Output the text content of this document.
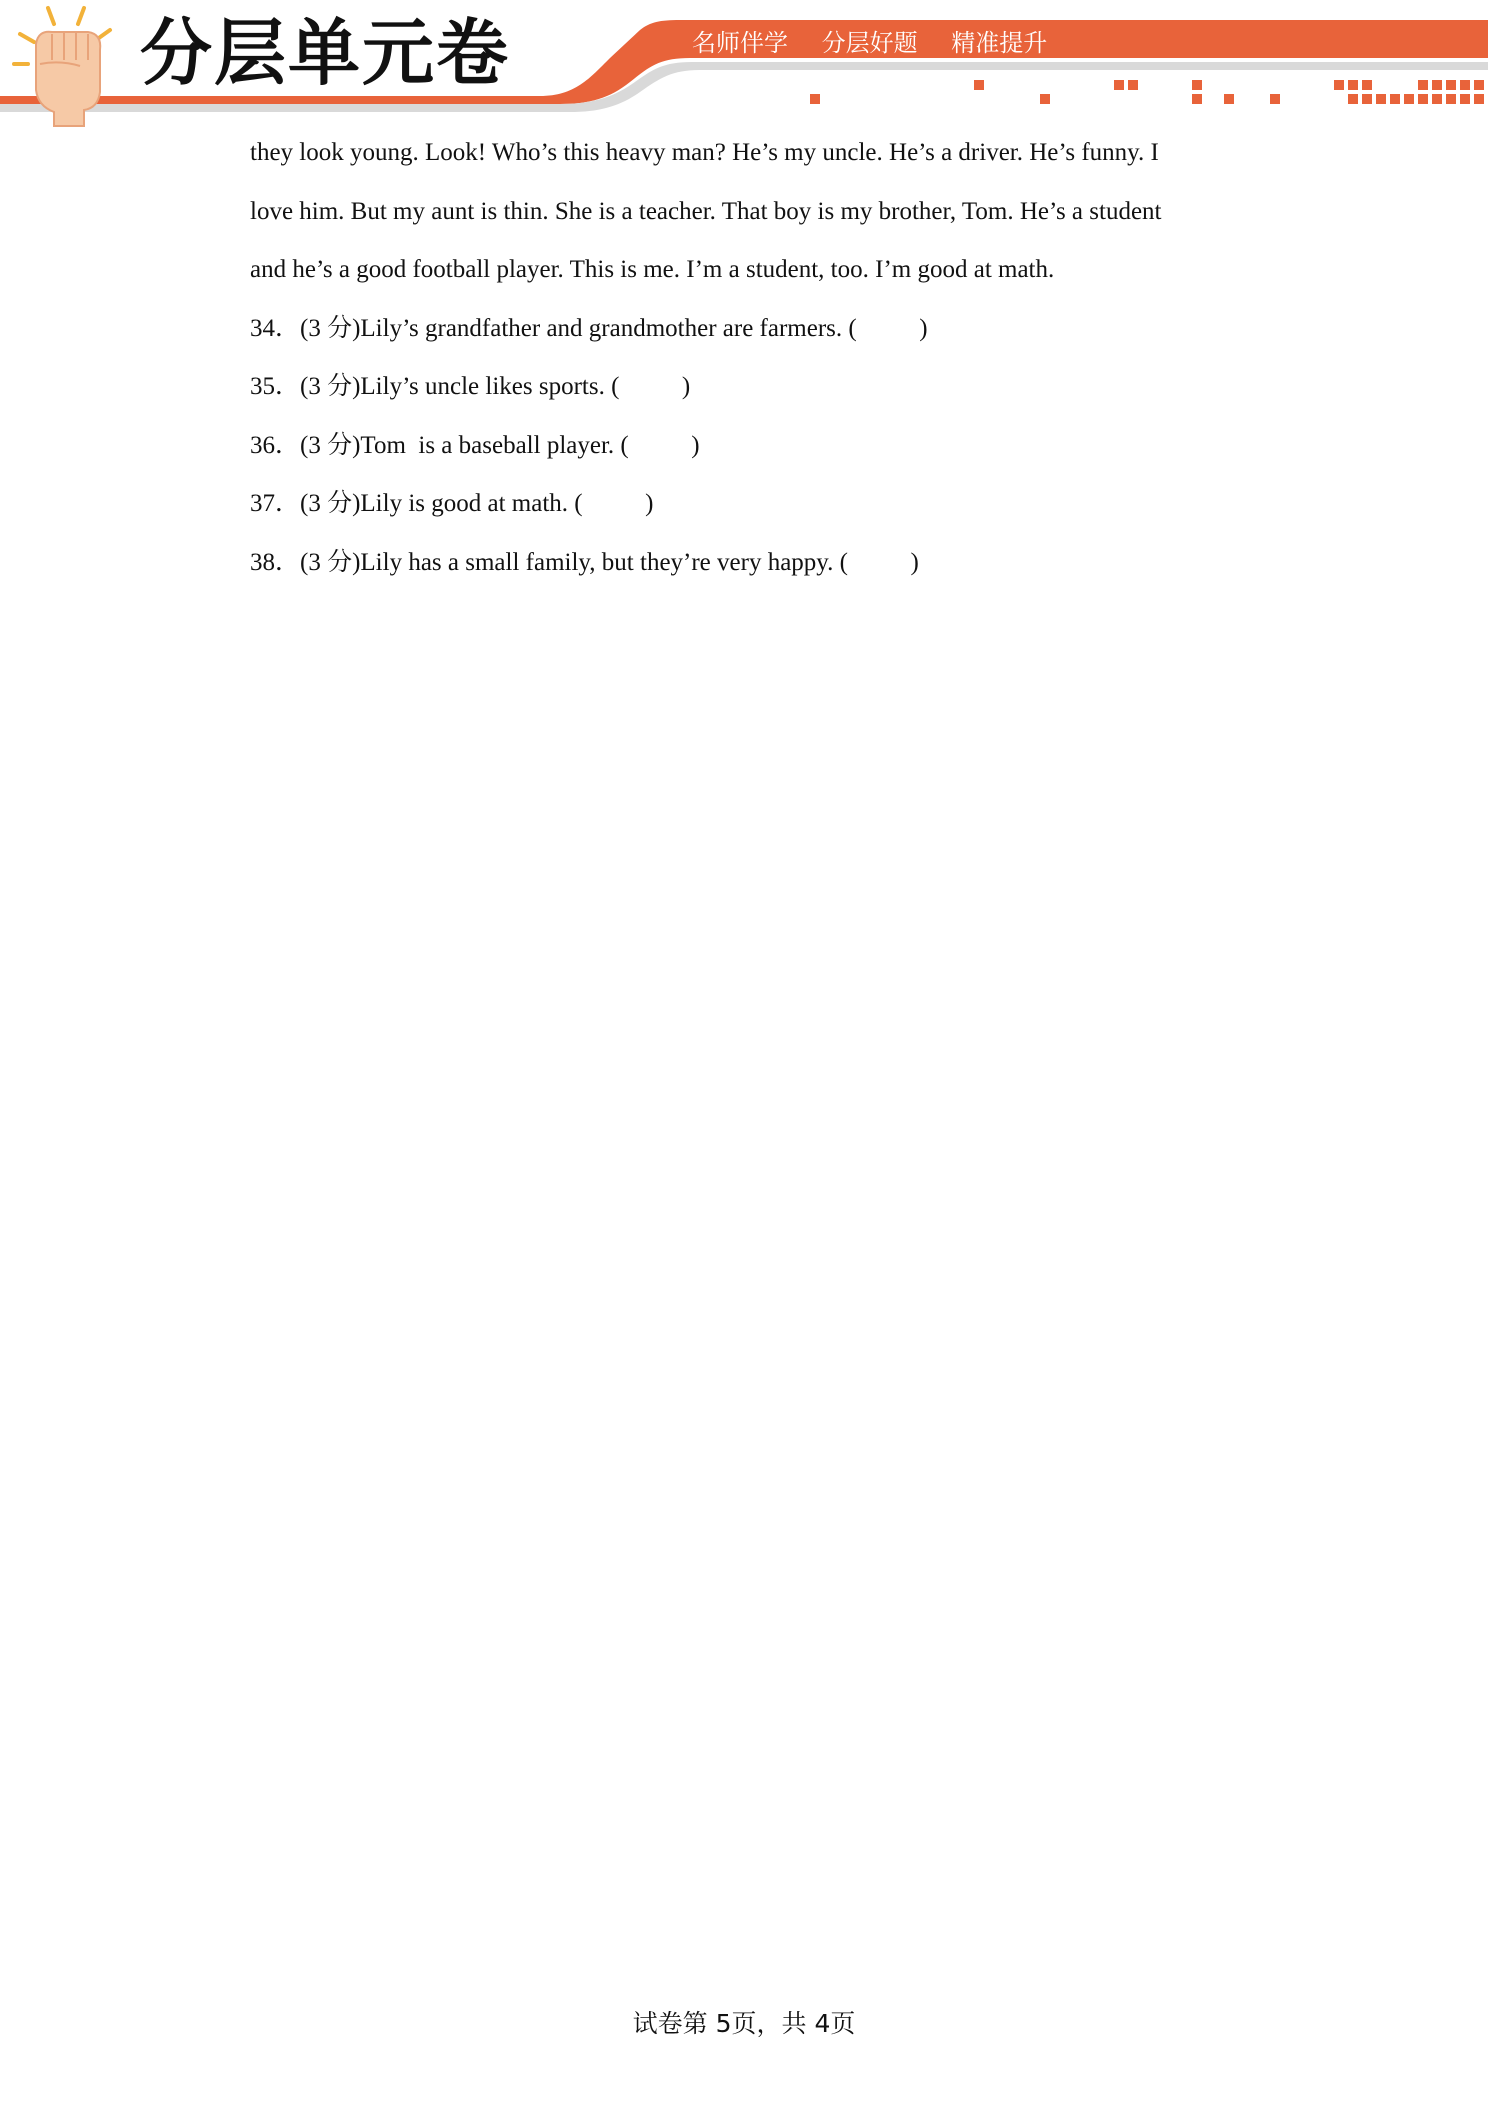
分层单元卷	名师伴学 分层好题 精准提升

they look young. Look! Who’s this heavy man? He’s my uncle. He’s a driver. He’s funny. I

love him. But my aunt is thin. She is a teacher. That boy is my brother, Tom. He’s a student

and he’s a good football player. This is me. I’m a student, too. I’m good at math.

34．(3 分)Lily’s grandfather and grandmother are farmers. (	)
35．(3 分)Lily’s uncle likes sports. (	)
36．(3 分)Tom  is a baseball player. (	)
37．(3 分)Lily is good at math. (	)
38．(3 分)Lily has a small family, but they’re very happy. (	)
试卷第 5页，共 4页
